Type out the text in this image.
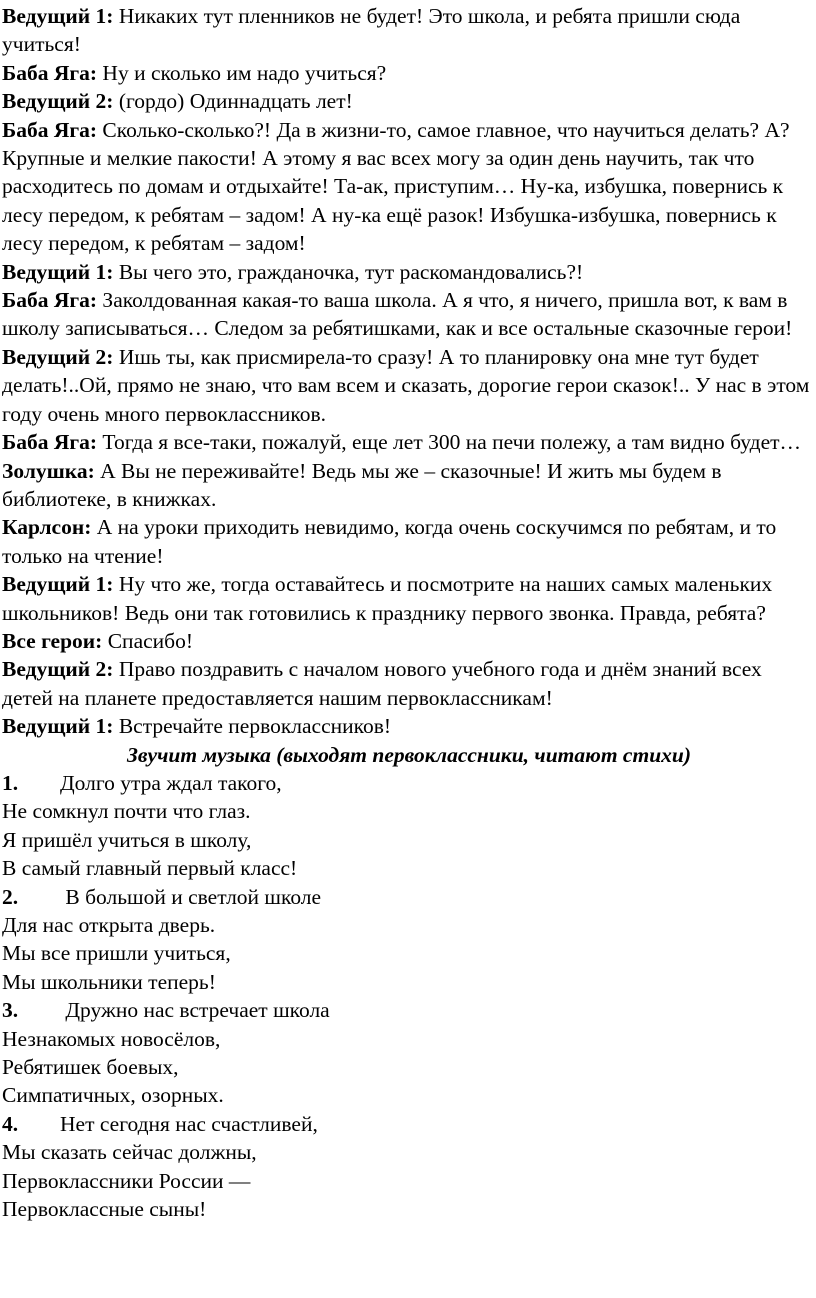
Ведущий 1: Никаких тут пленников не будет! Это школа, и ребята пришли сюда учиться!

Баба Яга: Ну и сколько им надо учиться?

Ведущий 2: (гордо) Одиннадцать лет!

Баба Яга: Сколько-сколько?! Да в жизни-то, самое главное, что научиться делать? А? Крупные и мелкие пакости! А этому я вас всех могу за один день научить, так что расходитесь по домам и отдыхайте! Та-ак, приступим… Ну-ка, избушка, повернись к лесу передом, к ребятам – задом! А ну-ка ещё разок! Избушка-избушка, повернись к лесу передом, к ребятам – задом!

Ведущий 1: Вы чего это, гражданочка, тут раскомандовались?!

Баба Яга: Заколдованная какая-то ваша школа. А я что, я ничего, пришла вот, к вам в школу записываться… Следом за ребятишками, как и все остальные сказочные герои!

Ведущий 2: Ишь ты, как присмирела-то сразу! А то планировку она мне тут будет делать!..Ой, прямо не знаю, что вам всем и сказать, дорогие герои сказок!.. У нас в этом году очень много первоклассников.

Баба Яга: Тогда я все-таки, пожалуй, еще лет 300 на печи полежу, а там видно будет…

Золушка: А Вы не переживайте! Ведь мы же – сказочные! И жить мы будем в библиотеке, в книжках.

Карлсон: А на уроки приходить невидимо, когда очень соскучимся по ребятам, и то только на чтение!

Ведущий 1: Ну что же, тогда оставайтесь и посмотрите на наших самых маленьких школьников! Ведь они так готовились к празднику первого звонка. Правда, ребята?

Все герои: Спасибо!

Ведущий 2: Право поздравить с началом нового учебного года и днём знаний всех детей на планете предоставляется нашим первоклассникам!

Ведущий 1: Встречайте первоклассников!

Звучит музыка (выходят первоклассники, читают стихи)

1. Долго утра ждал такого,

Не сомкнул почти что глаз.

Я пришёл учиться в школу,

В самый главный первый класс!

2. В большой и светлой школе

Для нас открыта дверь.

Мы все пришли учиться,

Мы школьники теперь!

3. Дружно нас встречает школа

Незнакомых новосёлов,

Ребятишек боевых,

Симпатичных, озорных.

4. Нет сегодня нас счастливей,

Мы сказать сейчас должны,

Первоклассники России —

Первоклассные сыны!
